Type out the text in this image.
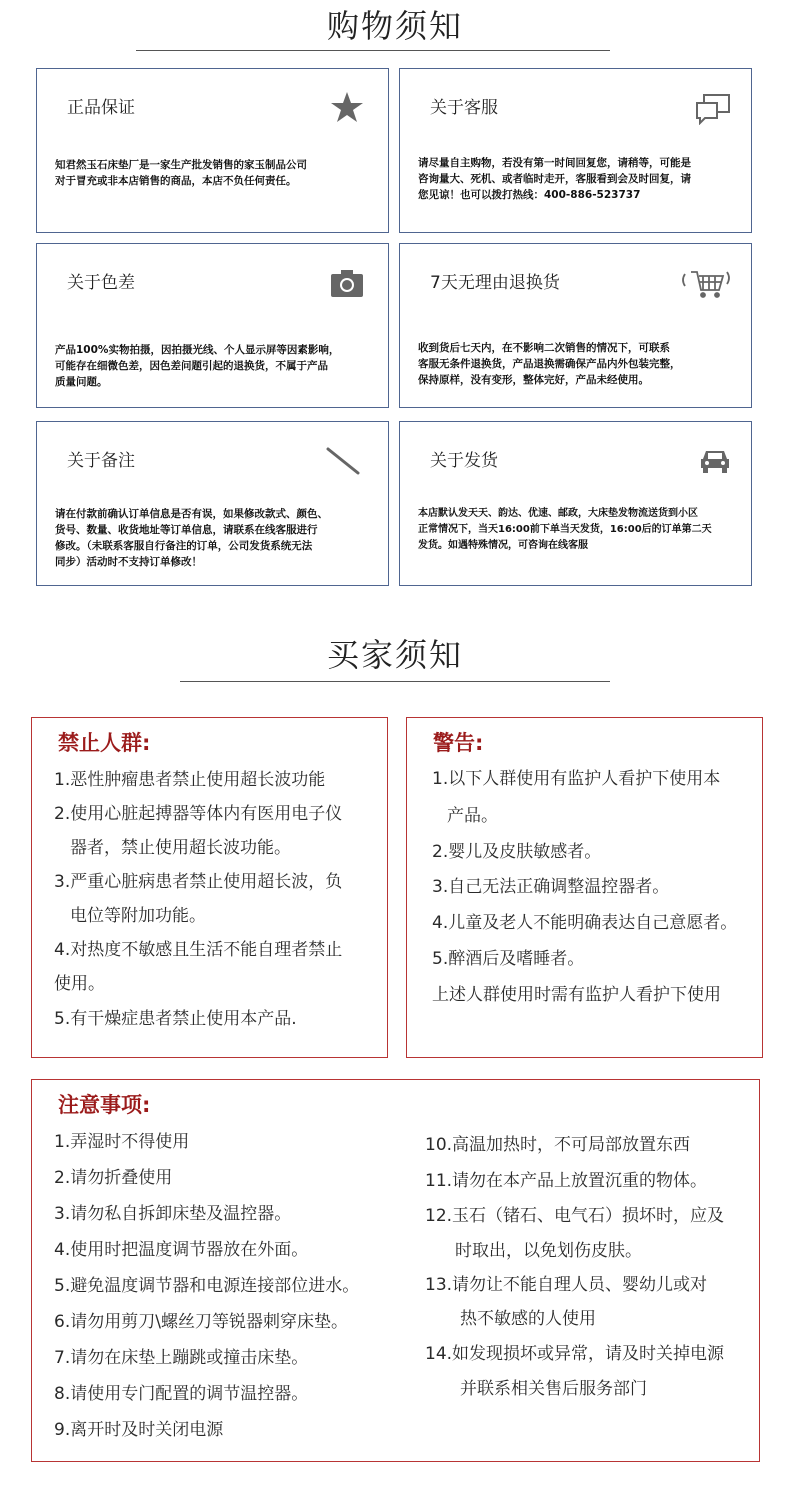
购物须知
正品保证
知君然玉石床垫厂是一家生产批发销售的家玉制品公司
对于冒充或非本店销售的商品，本店不负任何责任。
关于客服
请尽量自主购物，若没有第一时间回复您，请稍等，可能是
咨询量大、死机、或者临时走开，客服看到会及时回复，请
您见谅！也可以拨打热线：400-886-523737
关于色差
产品100%实物拍摄，因拍摄光线、个人显示屏等因素影响，
可能存在细微色差，因色差问题引起的退换货，不属于产品
质量问题。
7天无理由退换货
收到货后七天内，在不影响二次销售的情况下，可联系
客服无条件退换货，产品退换需确保产品内外包装完整，
保持原样，没有变形，整体完好，产品未经使用。
关于备注
请在付款前确认订单信息是否有误，如果修改款式、颜色、
货号、数量、收货地址等订单信息，请联系在线客服进行
修改。（未联系客服自行备注的订单，公司发货系统无法
同步）活动时不支持订单修改！
关于发货
本店默认发天天、韵达、优速、邮政，大床垫发物流送货到小区
正常情况下，当天16:00前下单当天发货，16:00后的订单第二天
发货。如遇特殊情况，可咨询在线客服
买家须知
禁止人群:
1.恶性肿瘤患者禁止使用超长波功能
2.使用心脏起搏器等体内有医用电子仪
器者，禁止使用超长波功能。
3.严重心脏病患者禁止使用超长波，负
电位等附加功能。
4.对热度不敏感且生活不能自理者禁止
使用。
5.有干燥症患者禁止使用本产品.
警告:
1.以下人群使用有监护人看护下使用本
产品。
2.婴儿及皮肤敏感者。
3.自己无法正确调整温控器者。
4.儿童及老人不能明确表达自己意愿者。
5.醉酒后及嗜睡者。
上述人群使用时需有监护人看护下使用
注意事项:
1.弄湿时不得使用
2.请勿折叠使用
3.请勿私自拆卸床垫及温控器。
4.使用时把温度调节器放在外面。
5.避免温度调节器和电源连接部位进水。
6.请勿用剪刀\螺丝刀等锐器刺穿床垫。
7.请勿在床垫上蹦跳或撞击床垫。
8.请使用专门配置的调节温控器。
9.离开时及时关闭电源
10.高温加热时，不可局部放置东西
11.请勿在本产品上放置沉重的物体。
12.玉石（锗石、电气石）损坏时，应及
时取出，以免划伤皮肤。
13.请勿让不能自理人员、婴幼儿或对
热不敏感的人使用
14.如发现损坏或异常，请及时关掉电源
并联系相关售后服务部门
